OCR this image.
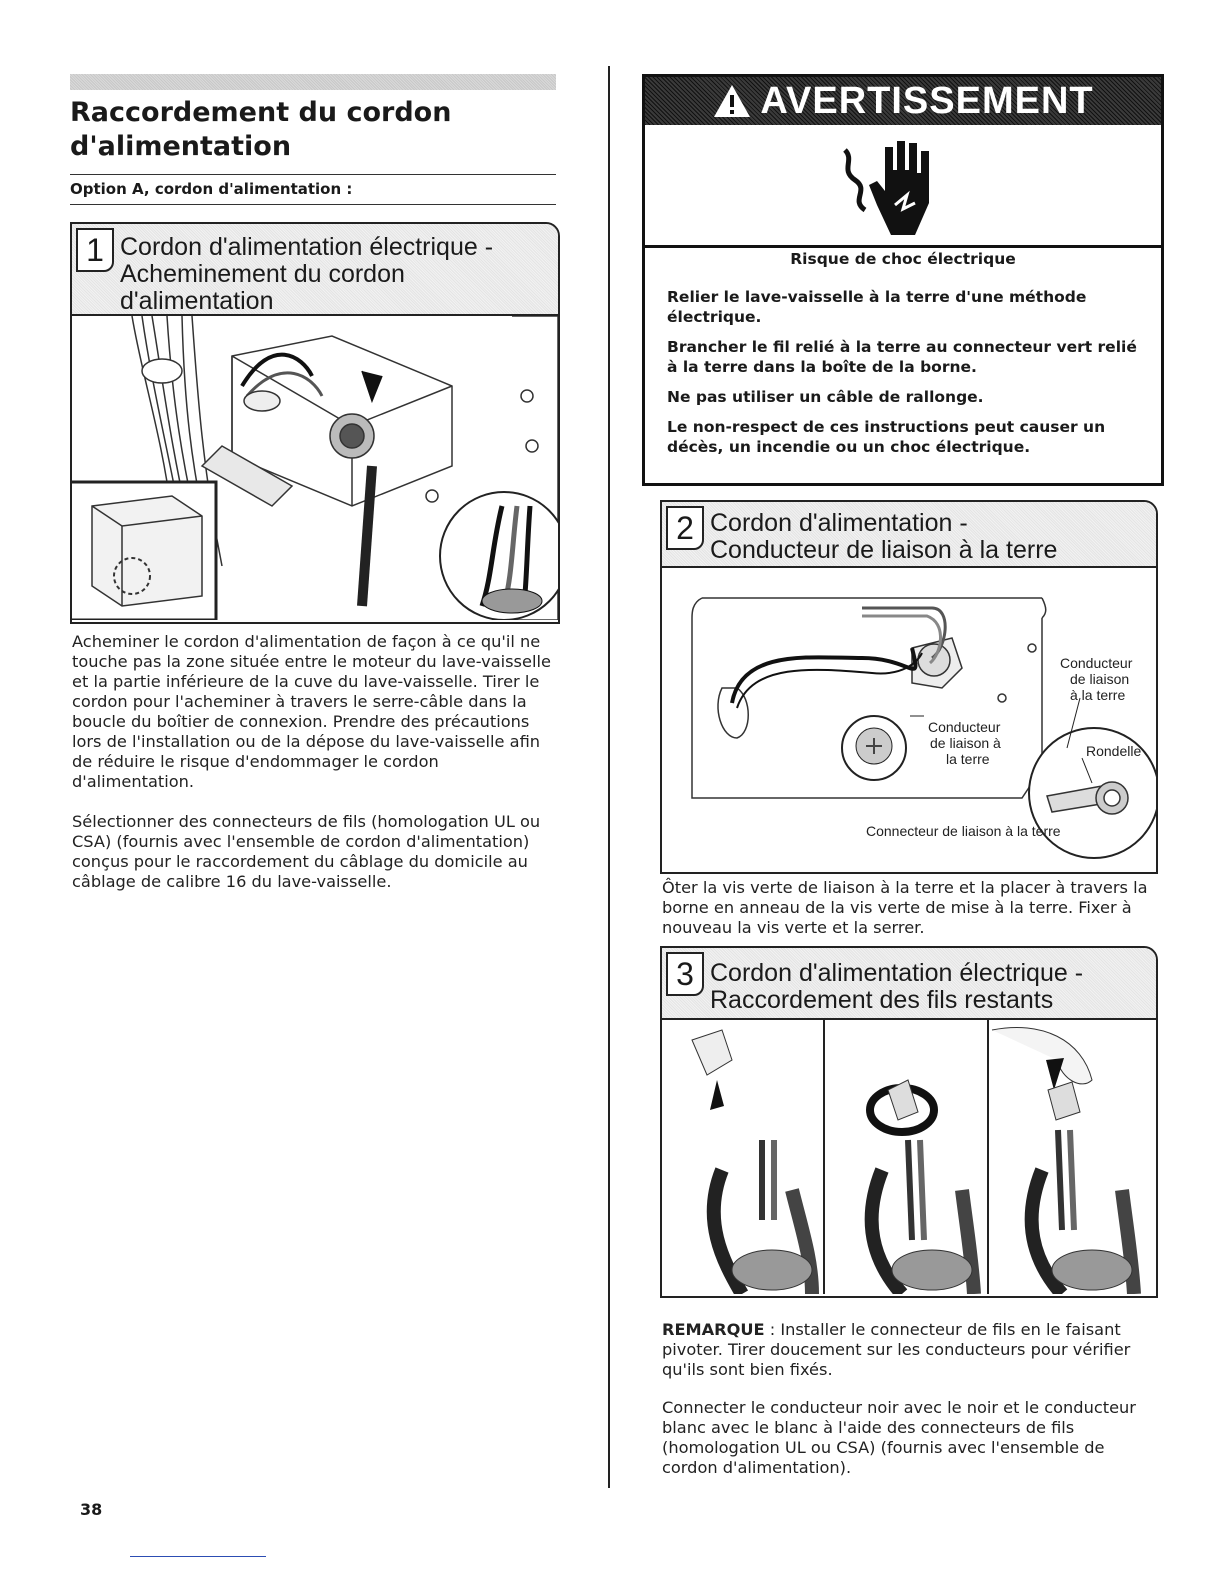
Raccordement du cordon
d'alimentation
Option A, cordon d'alimentation :
1 Cordon d'alimentation électrique -
Acheminement du cordon d'alimentation

Acheminer le cordon d'alimentation de façon à ce qu'il ne touche pas la zone située entre le moteur du lave-vaisselle et la partie inférieure de la cuve du lave-vaisselle. Tirer le cordon pour l'acheminer à travers le serre-câble dans la boucle du boîtier de connexion. Prendre des précautions lors de l'installation ou de la dépose du lave-vaisselle afin de réduire le risque d'endommager le cordon d'alimentation.

Sélectionner des connecteurs de fils (homologation UL ou CSA) (fournis avec l'ensemble de cordon d'alimentation) conçus pour le raccordement du câblage du domicile au câblage de calibre 16 du lave-vaisselle.

AVERTISSEMENT

Risque de choc électrique

Relier le lave-vaisselle à la terre d'une méthode électrique.

Brancher le fil relié à la terre au connecteur vert relié à la terre dans la boîte de la borne.

Ne pas utiliser un câble de rallonge.

Le non-respect de ces instructions peut causer un décès, un incendie ou un choc électrique.

2 Cordon d'alimentation -
Conducteur de liaison à la terre
Conducteur
de liaison
à la terre
Conducteur
de liaison à
la terre	Rondelle
Connecteur de liaison à la terre

Ôter la vis verte de liaison à la terre et la placer à travers la borne en anneau de la vis verte de mise à la terre. Fixer à nouveau la vis verte et la serrer.

3 Cordon d'alimentation électrique -
Raccordement des fils restants

REMARQUE : Installer le connecteur de fils en le faisant pivoter. Tirer doucement sur les conducteurs pour vérifier qu'ils sont bien fixés.

Connecter le conducteur noir avec le noir et le conducteur blanc avec le blanc à l'aide des connecteurs de fils (homologation UL ou CSA) (fournis avec l'ensemble de cordon d'alimentation).

38
